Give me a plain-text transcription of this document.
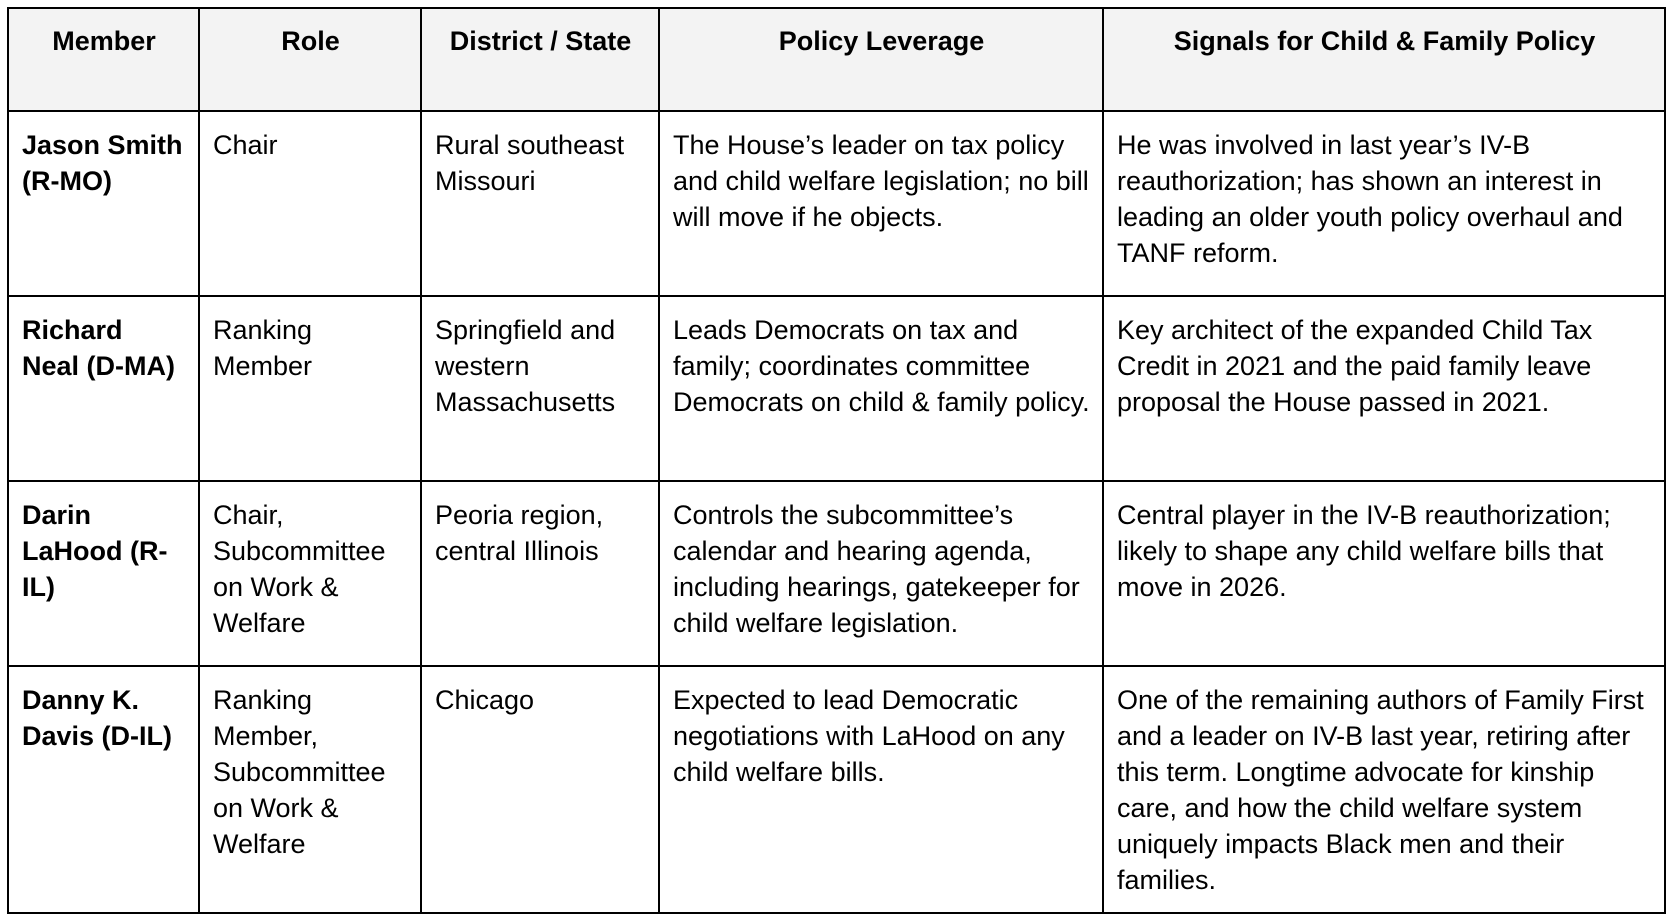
Member	Role	District / State	Policy Leverage	Signals for Child & Family Policy
Jason Smith (R-MO)	Chair	Rural southeast Missouri	The House’s leader on tax policy and child welfare legislation; no bill will move if he objects.	He was involved in last year’s IV-B reauthorization; has shown an interest in leading an older youth policy overhaul and TANF reform.
Richard Neal (D-MA)	Ranking Member	Springfield and western Massachusetts	Leads Democrats on tax and family; coordinates committee Democrats on child & family policy.	Key architect of the expanded Child Tax Credit in 2021 and the paid family leave proposal the House passed in 2021.
Darin LaHood (R-IL)	Chair, Subcommittee on Work & Welfare	Peoria region, central Illinois	Controls the subcommittee’s calendar and hearing agenda, including hearings, gatekeeper for child welfare legislation.	Central player in the IV-B reauthorization; likely to shape any child welfare bills that move in 2026.
Danny K. Davis (D-IL)	Ranking Member, Subcommittee on Work & Welfare	Chicago	Expected to lead Democratic negotiations with LaHood on any child welfare bills.	One of the remaining authors of Family First and a leader on IV-B last year, retiring after this term. Longtime advocate for kinship care, and how the child welfare system uniquely impacts Black men and their families.
